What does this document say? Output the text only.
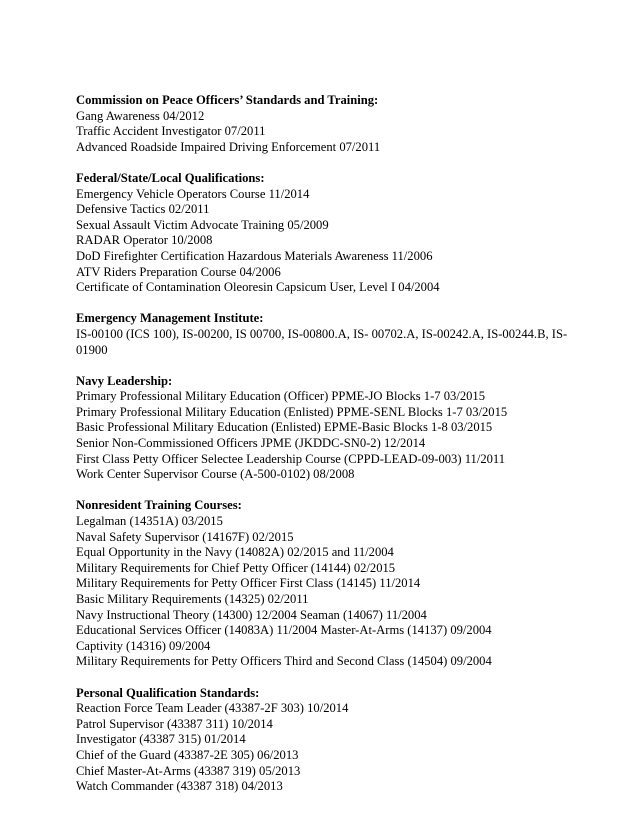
Commission on Peace Officers’ Standards and Training:
Gang Awareness 04/2012
Traffic Accident Investigator 07/2011
Advanced Roadside Impaired Driving Enforcement 07/2011
Federal/State/Local Qualifications:
Emergency Vehicle Operators Course 11/2014
Defensive Tactics 02/2011
Sexual Assault Victim Advocate Training 05/2009
RADAR Operator 10/2008
DoD Firefighter Certification Hazardous Materials Awareness 11/2006
ATV Riders Preparation Course 04/2006
Certificate of Contamination Oleoresin Capsicum User, Level I 04/2004
Emergency Management Institute:
IS-00100 (ICS 100), IS-00200, IS 00700, IS-00800.A, IS- 00702.A, IS-00242.A, IS-00244.B, IS-01900
Navy Leadership:
Primary Professional Military Education (Officer) PPME-JO Blocks 1-7 03/2015
Primary Professional Military Education (Enlisted) PPME-SENL Blocks 1-7 03/2015
Basic Professional Military Education (Enlisted) EPME-Basic Blocks 1-8 03/2015
Senior Non-Commissioned Officers JPME (JKDDC-SN0-2) 12/2014
First Class Petty Officer Selectee Leadership Course (CPPD-LEAD-09-003) 11/2011
Work Center Supervisor Course (A-500-0102) 08/2008
Nonresident Training Courses:
Legalman (14351A) 03/2015
Naval Safety Supervisor (14167F) 02/2015
Equal Opportunity in the Navy (14082A) 02/2015 and 11/2004
Military Requirements for Chief Petty Officer (14144) 02/2015
Military Requirements for Petty Officer First Class (14145) 11/2014
Basic Military Requirements (14325) 02/2011
Navy Instructional Theory (14300) 12/2004 Seaman (14067) 11/2004
Educational Services Officer (14083A) 11/2004 Master-At-Arms (14137) 09/2004
Captivity (14316) 09/2004
Military Requirements for Petty Officers Third and Second Class (14504) 09/2004
Personal Qualification Standards:
Reaction Force Team Leader (43387-2F 303) 10/2014
Patrol Supervisor (43387 311) 10/2014
Investigator (43387 315) 01/2014
Chief of the Guard (43387-2E 305) 06/2013
Chief Master-At-Arms (43387 319) 05/2013
Watch Commander (43387 318) 04/2013
